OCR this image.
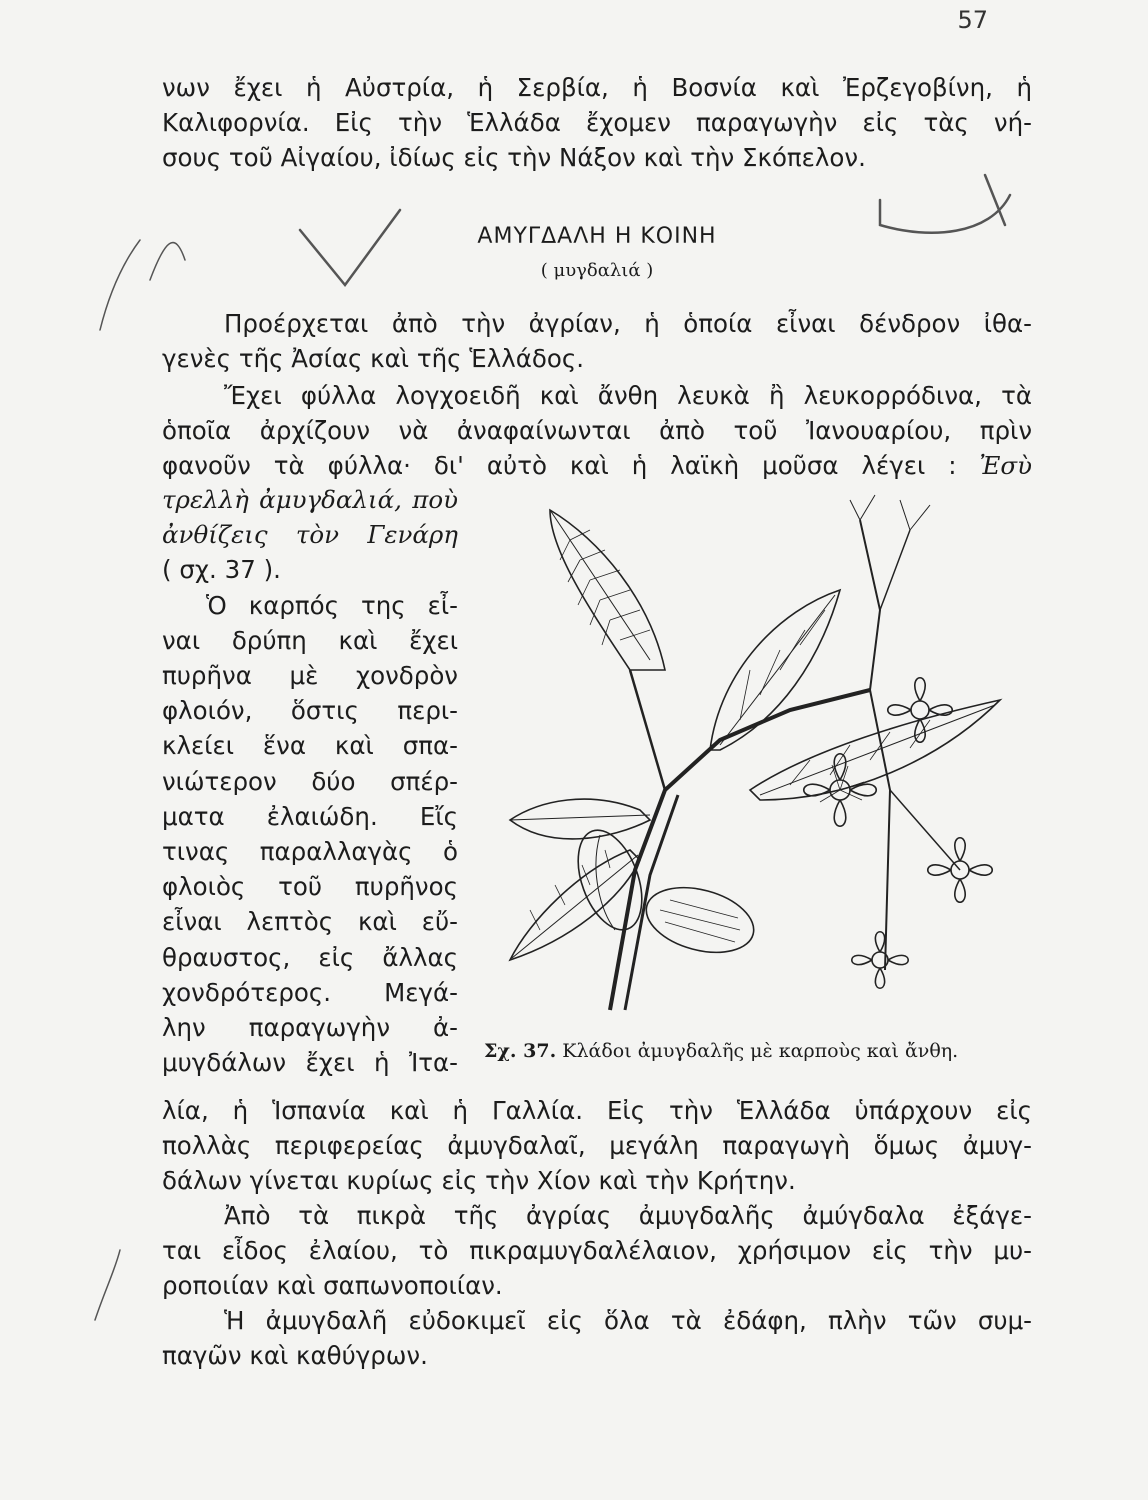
57
νων ἔχει ἡ Αὐστρία, ἡ Σερβία, ἡ Βοσνία καὶ Ἐρζεγοβίνη, ἡ
Καλιφορνία. Εἰς τὴν Ἑλλάδα ἔχομεν παραγωγὴν εἰς τὰς νή-
σους τοῦ Αἰγαίου, ἰδίως εἰς τὴν Νάξον καὶ τὴν Σκόπελον.
ΑΜΥΓΔΑΛΗ Η ΚΟΙΝΗ
( μυγδαλιά )
Προέρχεται ἀπὸ τὴν ἀγρίαν, ἡ ὁποία εἶναι δένδρον ἰθα-
γενὲς τῆς Ἀσίας καὶ τῆς Ἑλλάδος.
Ἔχει φύλλα λογχοειδῆ καὶ ἄνθη λευκὰ ἢ λευκορρόδινα, τὰ
ὁποῖα ἀρχίζουν νὰ ἀναφαίνωνται ἀπὸ τοῦ Ἰανουαρίου, πρὶν
φανοῦν τὰ φύλλα· δι' αὐτὸ καὶ ἡ λαϊκὴ μοῦσα λέγει : Ἐσὺ
τρελλὴ ἀμυγδαλιά, ποὺ
ἀνθίζεις τὸν Γενάρη
( σχ. 37 ).
Ὁ καρπός της εἶ-
ναι δρύπη καὶ ἔχει
πυρῆνα μὲ χονδρὸν
φλοιόν, ὅστις περι-
κλείει ἕνα καὶ σπα-
νιώτερον δύο σπέρ-
ματα ἐλαιώδη. Εἴς
τινας παραλλαγὰς ὁ
φλοιὸς τοῦ πυρῆνος
εἶναι λεπτὸς καὶ εὔ-
θραυστος, εἰς ἄλλας
χονδρότερος. Μεγά-
λην παραγωγὴν ἀ-
μυγδάλων ἔχει ἡ Ἰτα- Σχ. 37. Κλάδοι ἀμυγδαλῆς μὲ καρποὺς καὶ ἄνθη.
λία, ἡ Ἱσπανία καὶ ἡ Γαλλία. Εἰς τὴν Ἑλλάδα ὑπάρχουν εἰς
πολλὰς περιφερείας ἀμυγδαλαῖ, μεγάλη παραγωγὴ ὅμως ἀμυγ-
δάλων γίνεται κυρίως εἰς τὴν Χίον καὶ τὴν Κρήτην.
Ἀπὸ τὰ πικρὰ τῆς ἀγρίας ἀμυγδαλῆς ἀμύγδαλα ἐξάγε-
ται εἶδος ἐλαίου, τὸ πικραμυγδαλέλαιον, χρήσιμον εἰς τὴν μυ-
ροποιίαν καὶ σαπωνοποιίαν.
Ἡ ἀμυγδαλῆ εὐδοκιμεῖ εἰς ὅλα τὰ ἐδάφη, πλὴν τῶν συμ-
παγῶν καὶ καθύγρων.
